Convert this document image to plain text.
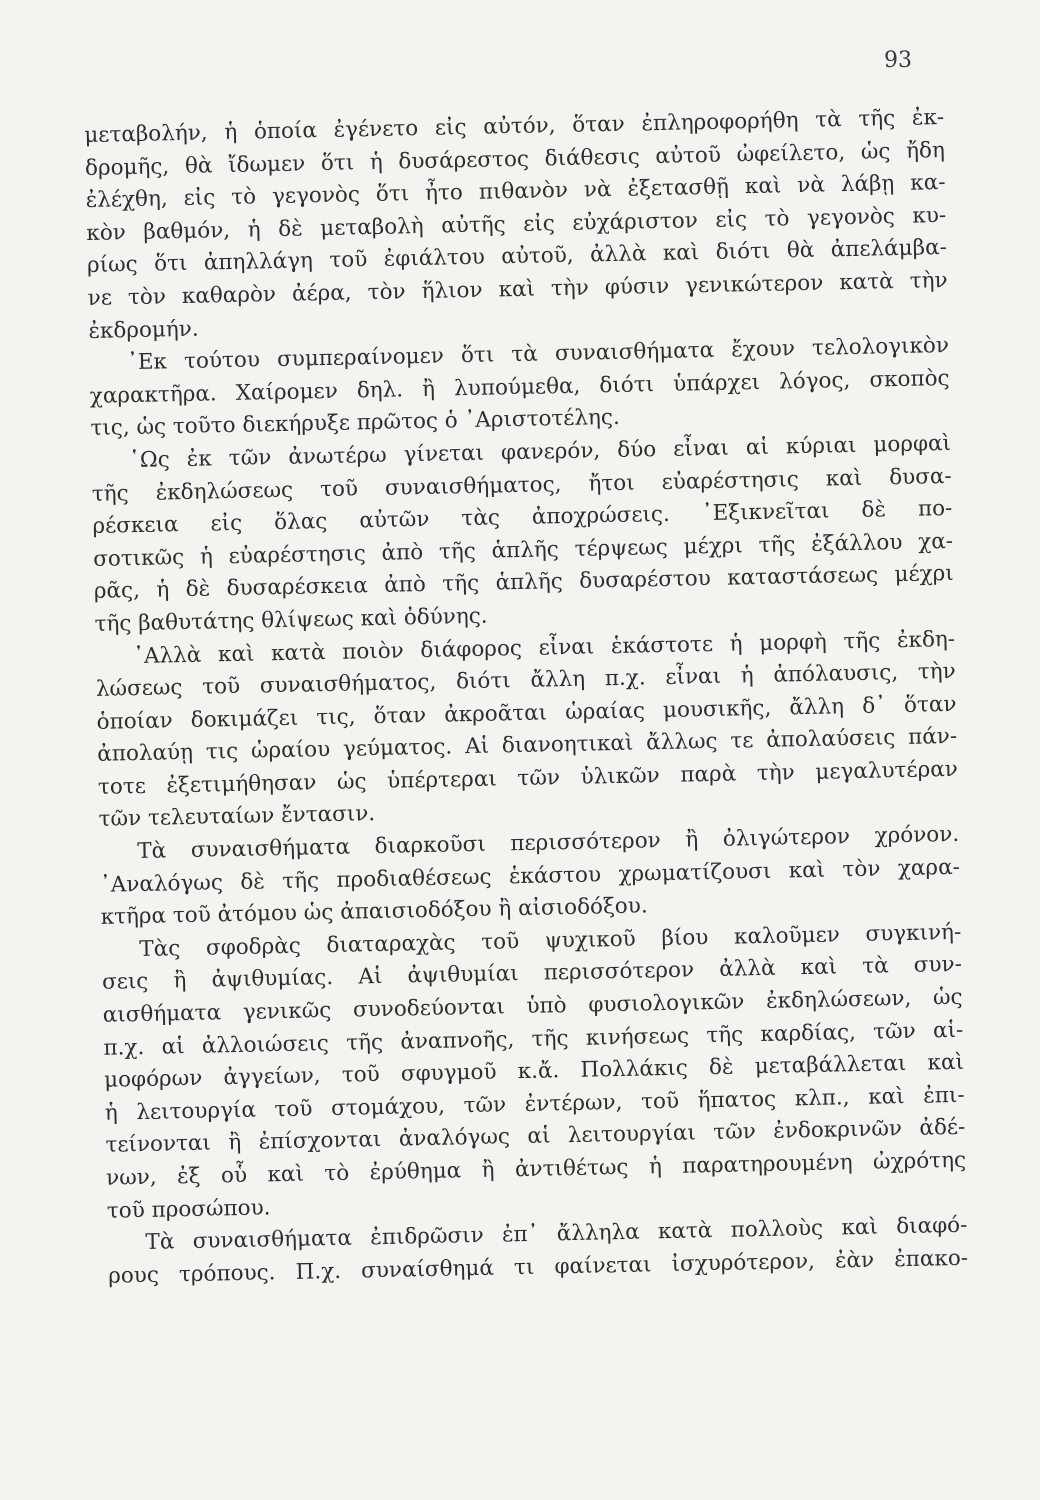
93
μεταβολήν, ἡ ὁποία ἐγένετο εἰς αὐτόν, ὅταν ἐπληροφορήθη τὰ τῆς ἐκ-
δρομῆς, θὰ ἴδωμεν ὅτι ἡ δυσάρεστος διάθεσις αὐτοῦ ὠφείλετο, ὡς ἤδη
ἐλέχθη, εἰς τὸ γεγονὸς ὅτι ἦτο πιθανὸν νὰ ἐξετασθῇ καὶ νὰ λάβῃ κα-
κὸν βαθμόν, ἡ δὲ μεταβολὴ αὐτῆς εἰς εὐχάριστον εἰς τὸ γεγονὸς κυ-
ρίως ὅτι ἀπηλλάγη τοῦ ἐφιάλτου αὐτοῦ, ἀλλὰ καὶ διότι θὰ ἀπελάμβα-
νε τὸν καθαρὸν ἀέρα, τὸν ἥλιον καὶ τὴν φύσιν γενικώτερον κατὰ τὴν
ἐκδρομήν.
᾿Εκ τούτου συμπεραίνομεν ὅτι τὰ συναισθήματα ἔχουν τελολογικὸν
χαρακτῆρα. Χαίρομεν δηλ. ἢ λυπούμεθα, διότι ὑπάρχει λόγος, σκοπὸς
τις, ὡς τοῦτο διεκήρυξε πρῶτος ὁ ᾿Αριστοτέλης.
῾Ως ἐκ τῶν ἀνωτέρω γίνεται φανερόν, δύο εἶναι αἱ κύριαι μορφαὶ
τῆς ἐκδηλώσεως τοῦ συναισθήματος, ἤτοι εὐαρέστησις καὶ δυσα-
ρέσκεια εἰς ὅλας αὐτῶν τὰς ἀποχρώσεις. ᾿Εξικνεῖται δὲ πο-
σοτικῶς ἡ εὐαρέστησις ἀπὸ τῆς ἁπλῆς τέρψεως μέχρι τῆς ἐξάλλου χα-
ρᾶς, ἡ δὲ δυσαρέσκεια ἀπὸ τῆς ἁπλῆς δυσαρέστου καταστάσεως μέχρι
τῆς βαθυτάτης θλίψεως καὶ ὀδύνης.
᾿Αλλὰ καὶ κατὰ ποιὸν διάφορος εἶναι ἑκάστοτε ἡ μορφὴ τῆς ἐκδη-
λώσεως τοῦ συναισθήματος, διότι ἄλλη π.χ. εἶναι ἡ ἀπόλαυσις, τὴν
ὁποίαν δοκιμάζει τις, ὅταν ἀκροᾶται ὡραίας μουσικῆς, ἄλλη δ᾿ ὅταν
ἀπολαύῃ τις ὡραίου γεύματος. Αἱ διανοητικαὶ ἄλλως τε ἀπολαύσεις πάν-
τοτε ἐξετιμήθησαν ὡς ὑπέρτεραι τῶν ὑλικῶν παρὰ τὴν μεγαλυτέραν
τῶν τελευταίων ἔντασιν.
Τὰ συναισθήματα διαρκοῦσι περισσότερον ἢ ὀλιγώτερον χρόνον.
᾿Αναλόγως δὲ τῆς προδιαθέσεως ἑκάστου χρωματίζουσι καὶ τὸν χαρα-
κτῆρα τοῦ ἀτόμου ὡς ἀπαισιοδόξου ἢ αἰσιοδόξου.
Τὰς σφοδρὰς διαταραχὰς τοῦ ψυχικοῦ βίου καλοῦμεν συγκινή-
σεις ἢ ἀψιθυμίας. Αἱ ἀψιθυμίαι περισσότερον ἀλλὰ καὶ τὰ συν-
αισθήματα γενικῶς συνοδεύονται ὑπὸ φυσιολογικῶν ἐκδηλώσεων, ὡς
π.χ. αἱ ἀλλοιώσεις τῆς ἀναπνοῆς, τῆς κινήσεως τῆς καρδίας, τῶν αἱ-
μοφόρων ἀγγείων, τοῦ σφυγμοῦ κ.ἄ. Πολλάκις δὲ μεταβάλλεται καὶ
ἡ λειτουργία τοῦ στομάχου, τῶν ἐντέρων, τοῦ ἥπατος κλπ., καὶ ἐπι-
τείνονται ἢ ἐπίσχονται ἀναλόγως αἱ λειτουργίαι τῶν ἐνδοκρινῶν ἀδέ-
νων, ἐξ οὗ καὶ τὸ ἐρύθημα ἢ ἀντιθέτως ἡ παρατηρουμένη ὠχρότης
τοῦ προσώπου.
Τὰ συναισθήματα ἐπιδρῶσιν ἐπ᾿ ἄλληλα κατὰ πολλοὺς καὶ διαφό-
ρους τρόπους. Π.χ. συναίσθημά τι φαίνεται ἰσχυρότερον, ἐὰν ἐπακο-
